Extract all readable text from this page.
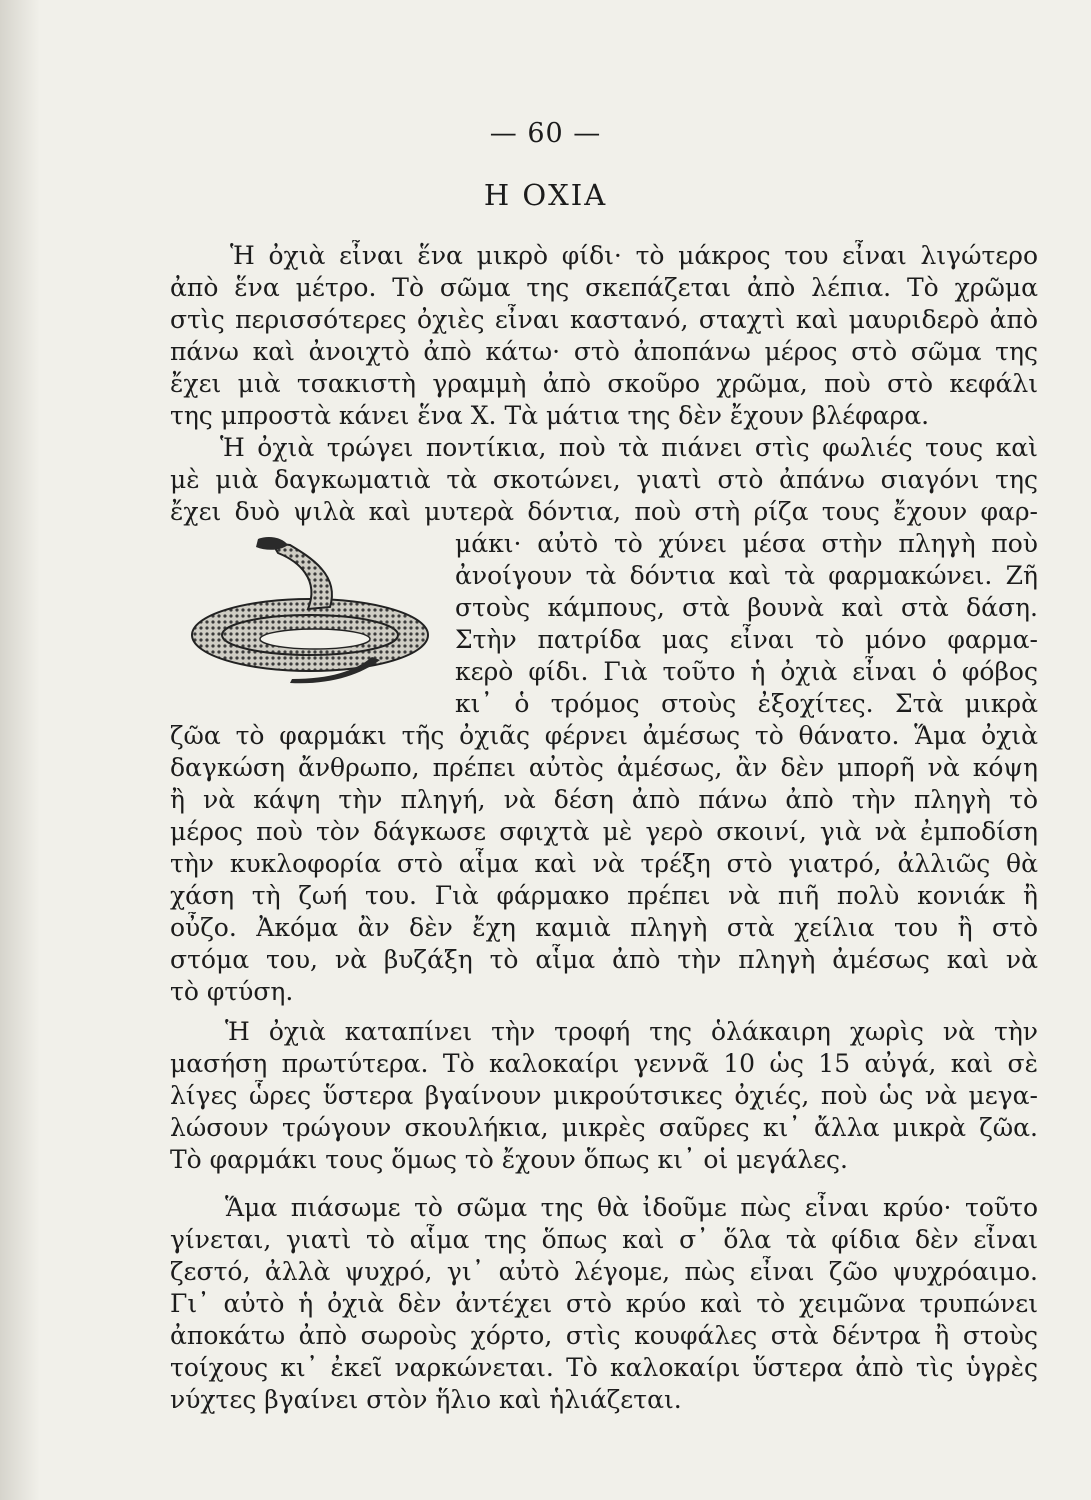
— 60 —
Η ΟΧΙΑ
Ἡ ὀχιὰ εἶναι ἕνα μικρὸ φίδι· τὸ μάκρος του εἶναι λιγώτερο
ἀπὸ ἕνα μέτρο. Τὸ σῶμα της σκεπάζεται ἀπὸ λέπια. Τὸ χρῶμα
στὶς περισσότερες ὀχιὲς εἶναι καστανό, σταχτὶ καὶ μαυριδερὸ ἀπὸ
πάνω καὶ ἀνοιχτὸ ἀπὸ κάτω· στὸ ἀποπάνω μέρος στὸ σῶμα της
ἔχει μιὰ τσακιστὴ γραμμὴ ἀπὸ σκοῦρο χρῶμα, ποὺ στὸ κεφάλι
της μπροστὰ κάνει ἕνα Χ. Τὰ μάτια της δὲν ἔχουν βλέφαρα.
Ἡ ὀχιὰ τρώγει ποντίκια, ποὺ τὰ πιάνει στὶς φωλιές τους καὶ
μὲ μιὰ δαγκωματιὰ τὰ σκοτώνει, γιατὶ στὸ ἀπάνω σιαγόνι της
ἔχει δυὸ ψιλὰ καὶ μυτερὰ δόντια, ποὺ στὴ ρίζα τους ἔχουν φαρ-
μάκι· αὐτὸ τὸ χύνει μέσα στὴν πληγὴ ποὺ
ἀνοίγουν τὰ δόντια καὶ τὰ φαρμακώνει. Ζῆ
στοὺς κάμπους, στὰ βουνὰ καὶ στὰ δάση.
Στὴν πατρίδα μας εἶναι τὸ μόνο φαρμα-
κερὸ φίδι. Γιὰ τοῦτο ἡ ὀχιὰ εἶναι ὁ φόβος
κι᾽ ὁ τρόμος στοὺς ἐξοχίτες. Στὰ μικρὰ
ζῶα τὸ φαρμάκι τῆς ὀχιᾶς φέρνει ἀμέσως τὸ θάνατο. Ἅμα ὀχιὰ
δαγκώση ἄνθρωπο, πρέπει αὐτὸς ἀμέσως, ἂν δὲν μπορῆ νὰ κόψη
ἢ νὰ κάψη τὴν πληγή, νὰ δέση ἀπὸ πάνω ἀπὸ τὴν πληγὴ τὸ
μέρος ποὺ τὸν δάγκωσε σφιχτὰ μὲ γερὸ σκοινί, γιὰ νὰ ἐμποδίση
τὴν κυκλοφορία στὸ αἷμα καὶ νὰ τρέξη στὸ γιατρό, ἀλλιῶς θὰ
χάση τὴ ζωή του. Γιὰ φάρμακο πρέπει νὰ πιῆ πολὺ κονιάκ ἢ
οὖζο. Ἀκόμα ἂν δὲν ἔχη καμιὰ πληγὴ στὰ χείλια του ἢ στὸ
στόμα του, νὰ βυζάξη τὸ αἷμα ἀπὸ τὴν πληγὴ ἀμέσως καὶ νὰ
τὸ φτύση.
Ἡ ὀχιὰ καταπίνει τὴν τροφή της ὁλάκαιρη χωρὶς νὰ τὴν
μασήση πρωτύτερα. Τὸ καλοκαίρι γεννᾶ 10 ὡς 15 αὐγά, καὶ σὲ
λίγες ὧρες ὕστερα βγαίνουν μικρούτσικες ὀχιές, ποὺ ὡς νὰ μεγα-
λώσουν τρώγουν σκουλήκια, μικρὲς σαῦρες κι᾽ ἄλλα μικρὰ ζῶα.
Τὸ φαρμάκι τους ὅμως τὸ ἔχουν ὅπως κι᾽ οἱ μεγάλες.
Ἅμα πιάσωμε τὸ σῶμα της θὰ ἰδοῦμε πὼς εἶναι κρύο· τοῦτο
γίνεται, γιατὶ τὸ αἷμα της ὅπως καὶ σ᾽ ὅλα τὰ φίδια δὲν εἶναι
ζεστό, ἀλλὰ ψυχρό, γι᾽ αὐτὸ λέγομε, πὼς εἶναι ζῶο ψυχρόαιμο.
Γι᾽ αὐτὸ ἡ ὀχιὰ δὲν ἀντέχει στὸ κρύο καὶ τὸ χειμῶνα τρυπώνει
ἀποκάτω ἀπὸ σωροὺς χόρτο, στὶς κουφάλες στὰ δέντρα ἢ στοὺς
τοίχους κι᾽ ἐκεῖ ναρκώνεται. Τὸ καλοκαίρι ὕστερα ἀπὸ τὶς ὑγρὲς
νύχτες βγαίνει στὸν ἥλιο καὶ ἡλιάζεται.
